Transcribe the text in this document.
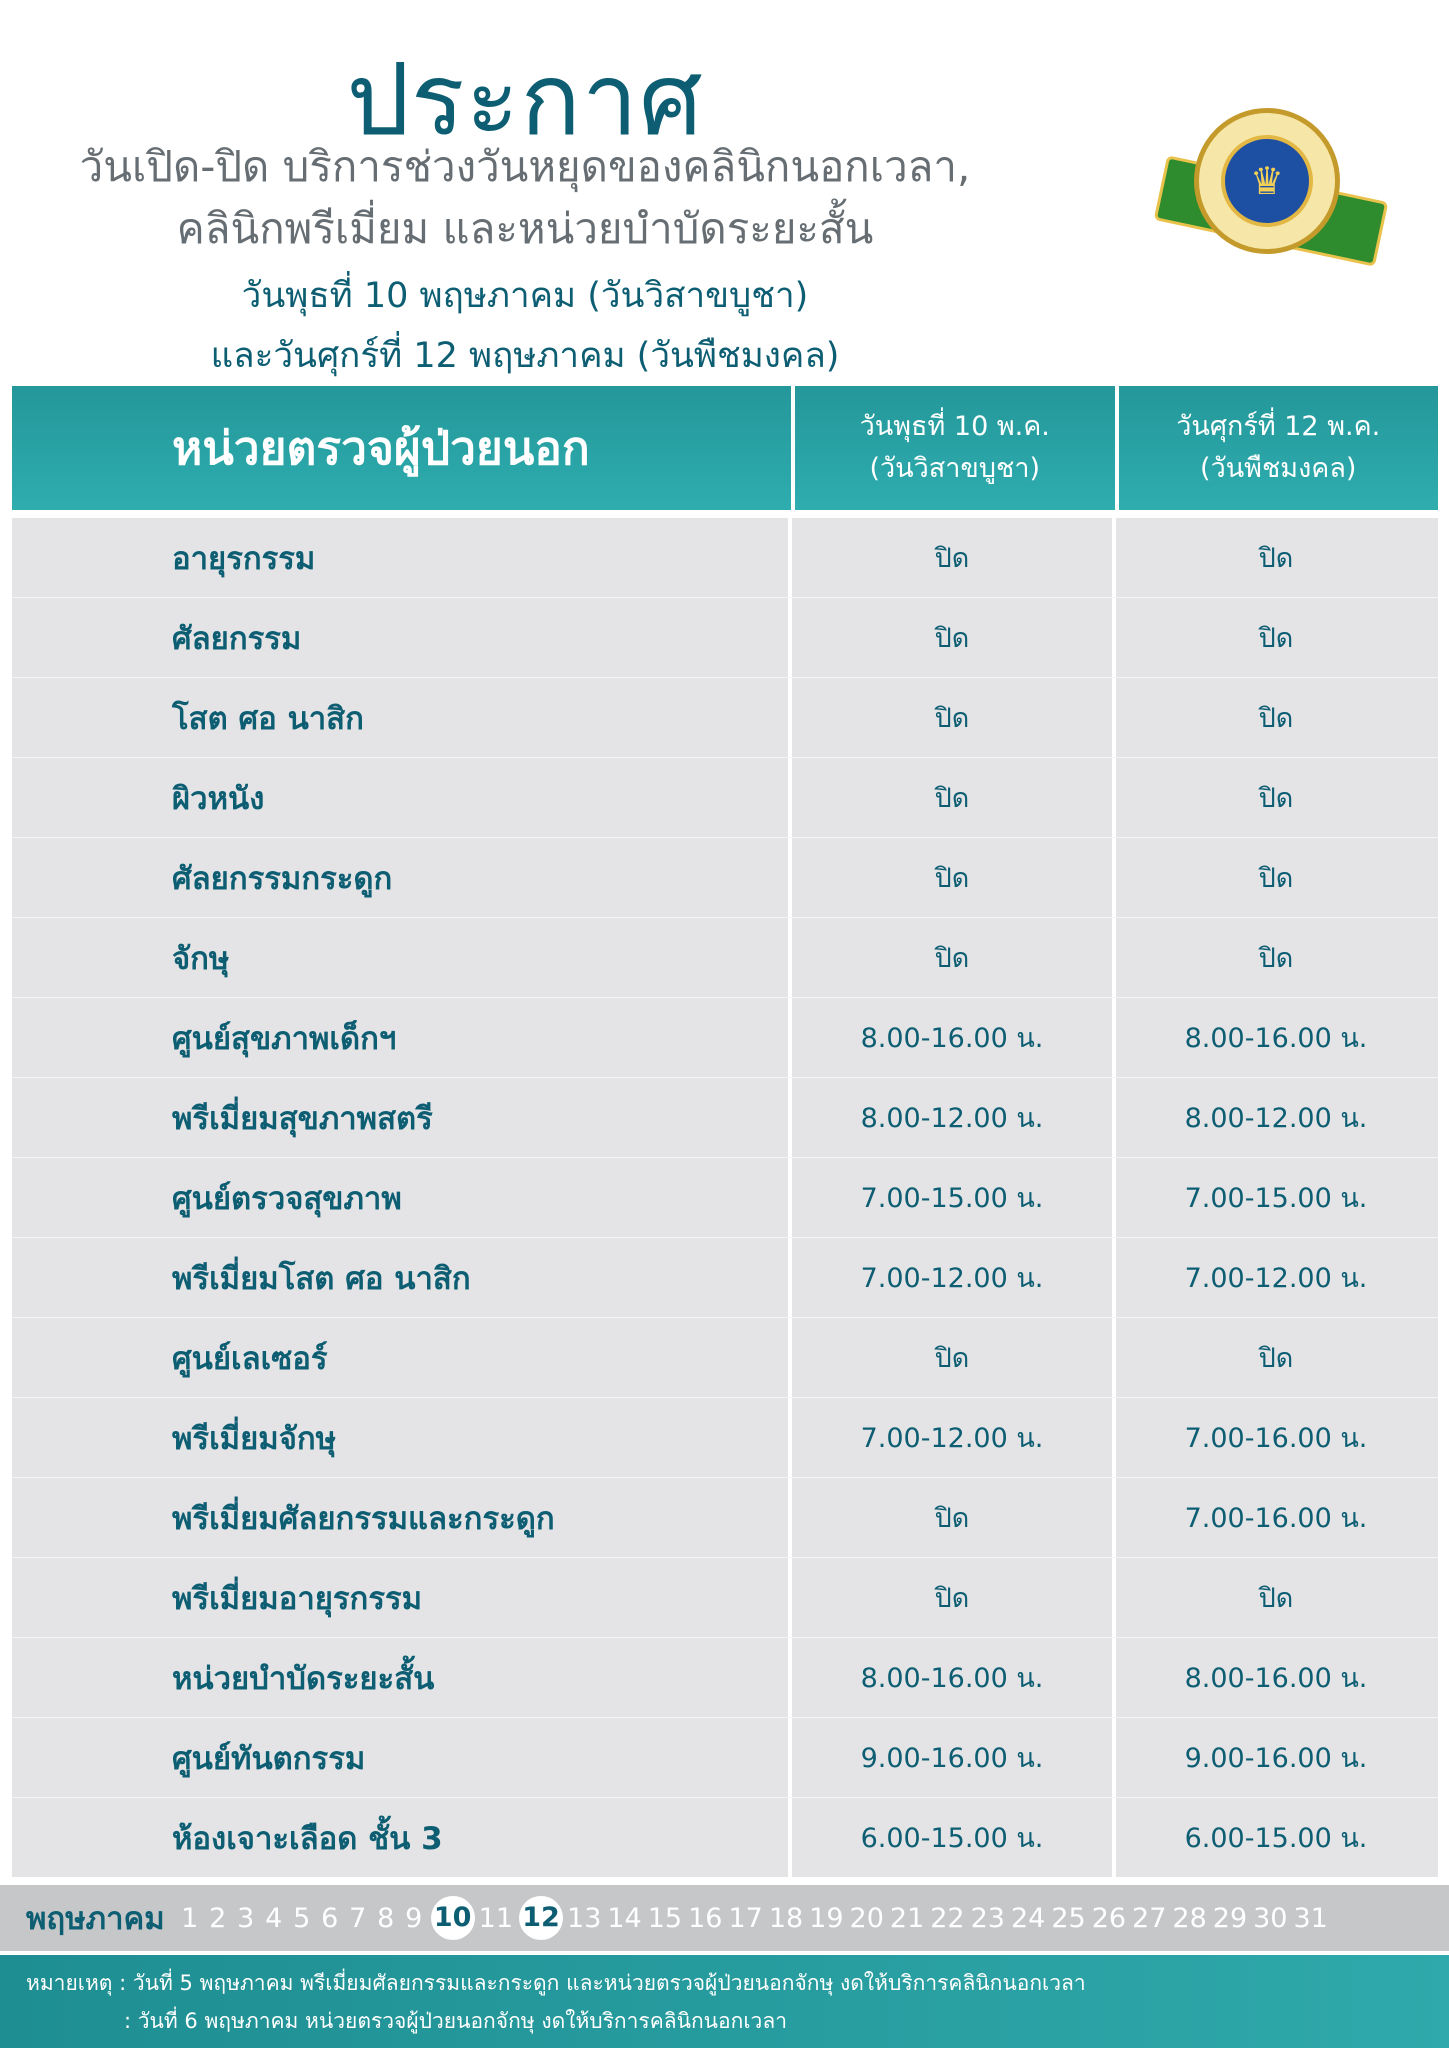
♛
ประกาศ
วันเปิด-ปิด บริการช่วงวันหยุดของคลินิกนอกเวลา,
คลินิกพรีเมี่ยม และหน่วยบำบัดระยะสั้น
วันพุธที่ 10 พฤษภาคม (วันวิสาขบูชา)
และวันศุกร์ที่ 12 พฤษภาคม (วันพืชมงคล)
หน่วยตรวจผู้ป่วยนอก	วันพุธที่ 10 พ.ค.
(วันวิสาขบูชา)
วันศุกร์ที่ 12 พ.ค.
(วันพืชมงคล)
อายุรกรรม	ปิด	ปิด
ศัลยกรรม	ปิด	ปิด
โสต ศอ นาสิก	ปิด	ปิด
ผิวหนัง	ปิด	ปิด
ศัลยกรรมกระดูก	ปิด	ปิด
จักษุ	ปิด	ปิด
ศูนย์สุขภาพเด็กฯ	8.00-16.00 น.	8.00-16.00 น.
พรีเมี่ยมสุขภาพสตรี	8.00-12.00 น.	8.00-12.00 น.
ศูนย์ตรวจสุขภาพ	7.00-15.00 น.	7.00-15.00 น.
พรีเมี่ยมโสต ศอ นาสิก	7.00-12.00 น.	7.00-12.00 น.
ศูนย์เลเซอร์	ปิด	ปิด
พรีเมี่ยมจักษุ	7.00-12.00 น.	7.00-16.00 น.
พรีเมี่ยมศัลยกรรมและกระดูก	ปิด	7.00-16.00 น.
พรีเมี่ยมอายุรกรรม	ปิด	ปิด
หน่วยบำบัดระยะสั้น	8.00-16.00 น.	8.00-16.00 น.
ศูนย์ทันตกรรม	9.00-16.00 น.	9.00-16.00 น.
ห้องเจาะเลือด ชั้น 3	6.00-15.00 น.	6.00-15.00 น.
พฤษภาคม 1 2 3 4 5 6 7 8 9 10 11 12 13 14 15 16 17 18 19 20 21 22 23 24 25 26 27 28 29 30 31
หมายเหตุ : วันที่ 5 พฤษภาคม พรีเมี่ยมศัลยกรรมและกระดูก และหน่วยตรวจผู้ป่วยนอกจักษุ งดให้บริการคลินิกนอกเวลา
: วันที่ 6 พฤษภาคม หน่วยตรวจผู้ป่วยนอกจักษุ งดให้บริการคลินิกนอกเวลา
